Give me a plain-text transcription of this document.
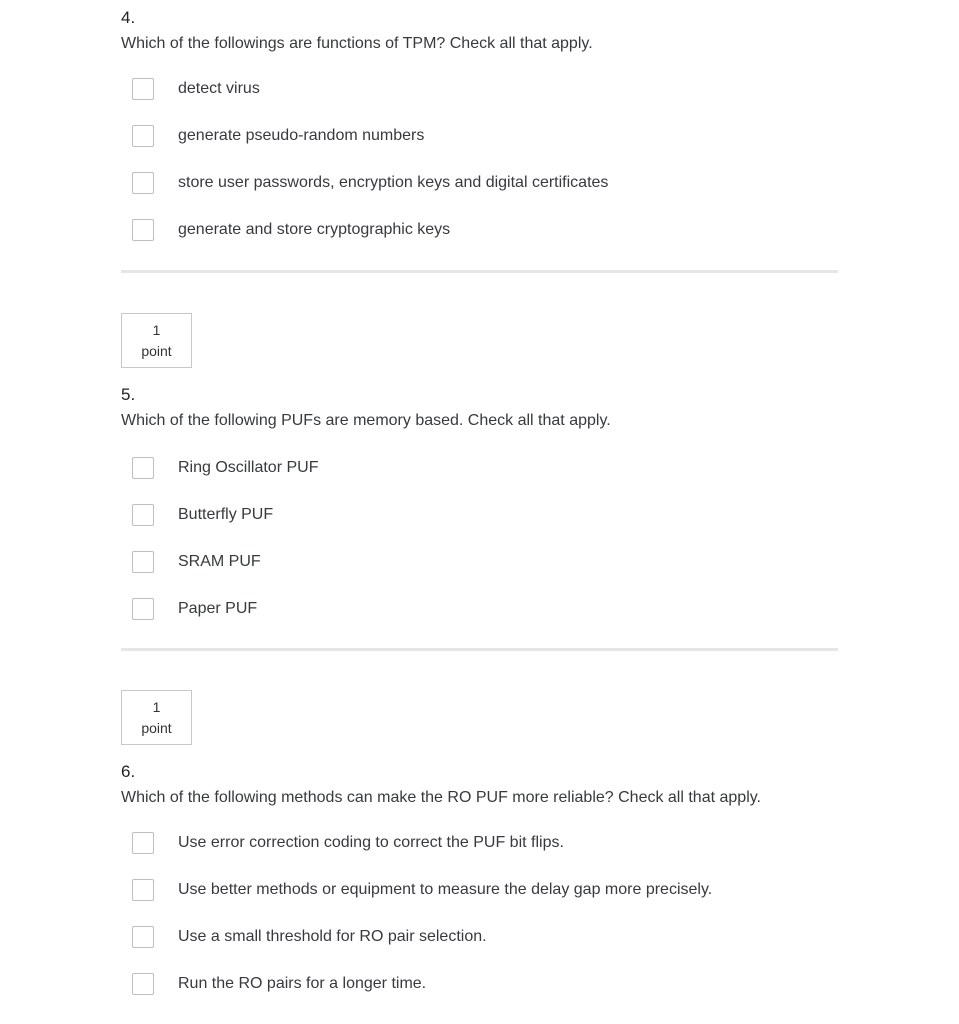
4.
Which of the followings are functions of TPM? Check all that apply.
detect virus
generate pseudo-random numbers
store user passwords, encryption keys and digital certificates
generate and store cryptographic keys
1
point
5.
Which of the following PUFs are memory based. Check all that apply.
Ring Oscillator PUF
Butterfly PUF
SRAM PUF
Paper PUF
1
point
6.
Which of the following methods can make the RO PUF more reliable? Check all that apply.
Use error correction coding to correct the PUF bit flips.
Use better methods or equipment to measure the delay gap more precisely.
Use a small threshold for RO pair selection.
Run the RO pairs for a longer time.
